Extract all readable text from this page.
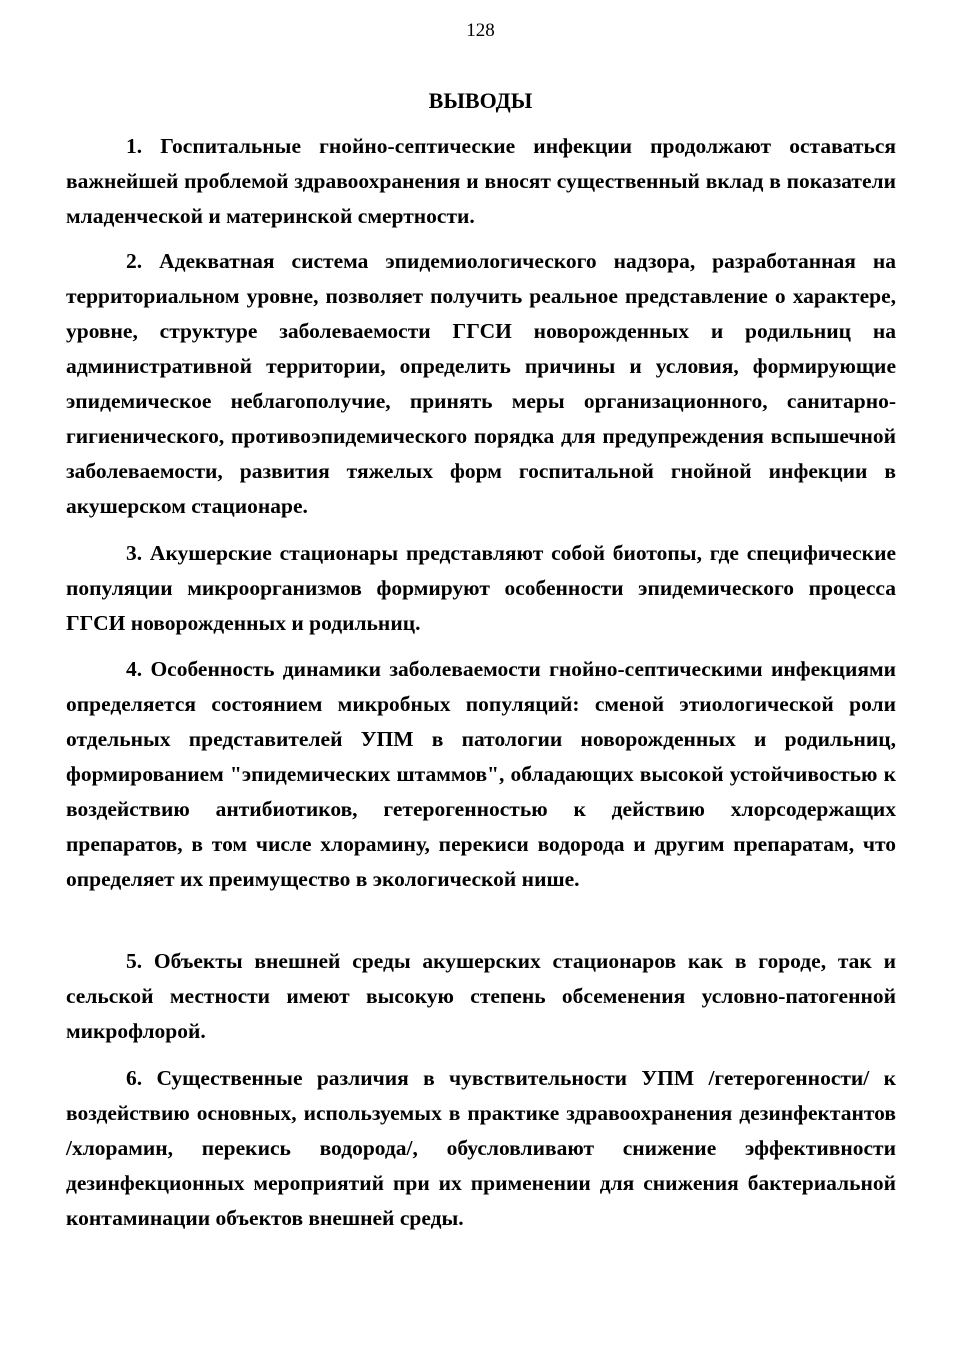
128
ВЫВОДЫ

1. Госпитальные гнойно-септические инфекции продолжают оставаться важнейшей проблемой здравоохранения и вносят существенный вклад в показатели младенческой и материнской смертности.

2. Адекватная система эпидемиологического надзора, разработанная на территориальном уровне, позволяет получить реальное представление о характере, уровне, структуре заболеваемости ГГСИ новорожденных и родильниц на административной территории, определить причины и условия, формирующие эпидемическое неблагополучие, принять меры организационного, санитарно-гигиенического, противоэпидемического порядка для предупреждения вспышечной заболеваемости, развития тяжелых форм госпитальной гнойной инфекции в акушерском стационаре.

3. Акушерские стационары представляют собой биотопы, где специфические популяции микроорганизмов формируют особенности эпидемического процесса ГГСИ новорожденных и родильниц.

4. Особенность динамики заболеваемости гнойно-септическими инфекциями определяется состоянием микробных популяций: сменой этиологической роли отдельных представителей УПМ в патологии новорожденных и родильниц, формированием "эпидемических штаммов", обладающих высокой устойчивостью к воздействию антибиотиков, гетерогенностью к действию хлорсодержащих препаратов, в том числе хлорамину, перекиси водорода и другим препаратам, что определяет их преимущество в экологической нише.

5. Объекты внешней среды акушерских стационаров как в городе, так и сельской местности имеют высокую степень обсеменения условно-патогенной микрофлорой.

6. Существенные различия в чувствительности УПМ /гетерогенности/ к воздействию основных, используемых в практике здравоохранения дезинфектантов /хлорамин, перекись водорода/, обусловливают снижение эффективности дезинфекционных мероприятий при их применении для снижения бактериальной контаминации объектов внешней среды.
